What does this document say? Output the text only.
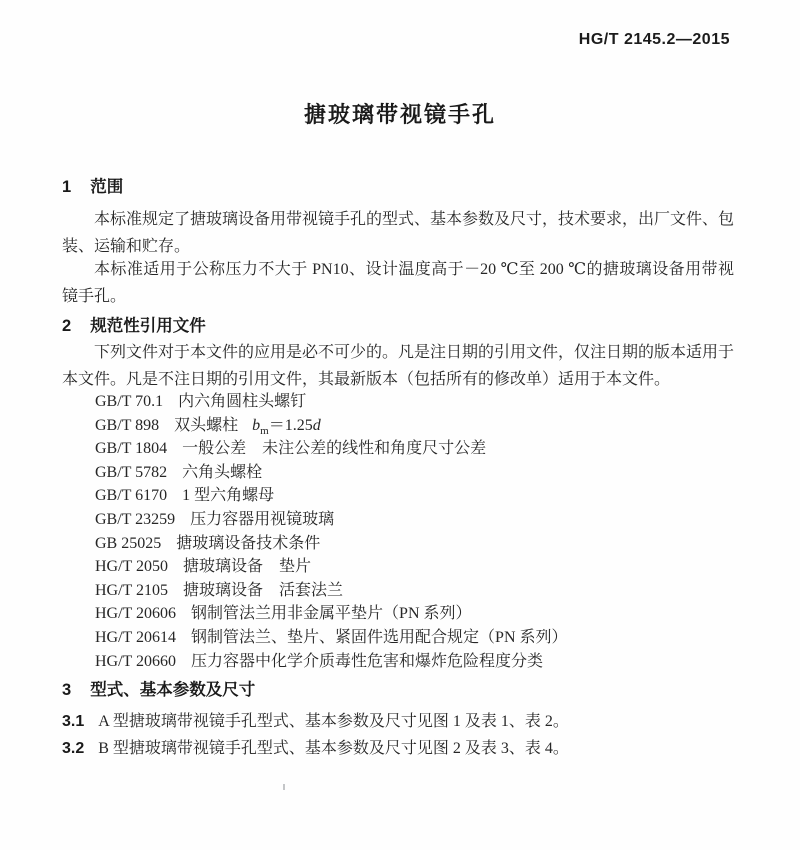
HG/T 2145.2—2015
搪玻璃带视镜手孔
1 范围
本标准规定了搪玻璃设备用带视镜手孔的型式、基本参数及尺寸，技术要求，出厂文件、包装、运输和贮存。
本标准适用于公称压力不大于 PN10、设计温度高于－20 ℃至 200 ℃的搪玻璃设备用带视镜手孔。
2 规范性引用文件
下列文件对于本文件的应用是必不可少的。凡是注日期的引用文件，仅注日期的版本适用于本文件。凡是不注日期的引用文件，其最新版本（包括所有的修改单）适用于本文件。
GB/T 70.1 内六角圆柱头螺钉
GB/T 898 双头螺柱 $b_m=1.25d$
GB/T 1804 一般公差　未注公差的线性和角度尺寸公差
GB/T 5782 六角头螺栓
GB/T 6170 1 型六角螺母
GB/T 23259 压力容器用视镜玻璃
GB 25025 搪玻璃设备技术条件
HG/T 2050 搪玻璃设备　垫片
HG/T 2105 搪玻璃设备　活套法兰
HG/T 20606 钢制管法兰用非金属平垫片（PN 系列）
HG/T 20614 钢制管法兰、垫片、紧固件选用配合规定（PN 系列）
HG/T 20660 压力容器中化学介质毒性危害和爆炸危险程度分类
3 型式、基本参数及尺寸
3.1 A 型搪玻璃带视镜手孔型式、基本参数及尺寸见图 1 及表 1、表 2。
3.2 B 型搪玻璃带视镜手孔型式、基本参数及尺寸见图 2 及表 3、表 4。
